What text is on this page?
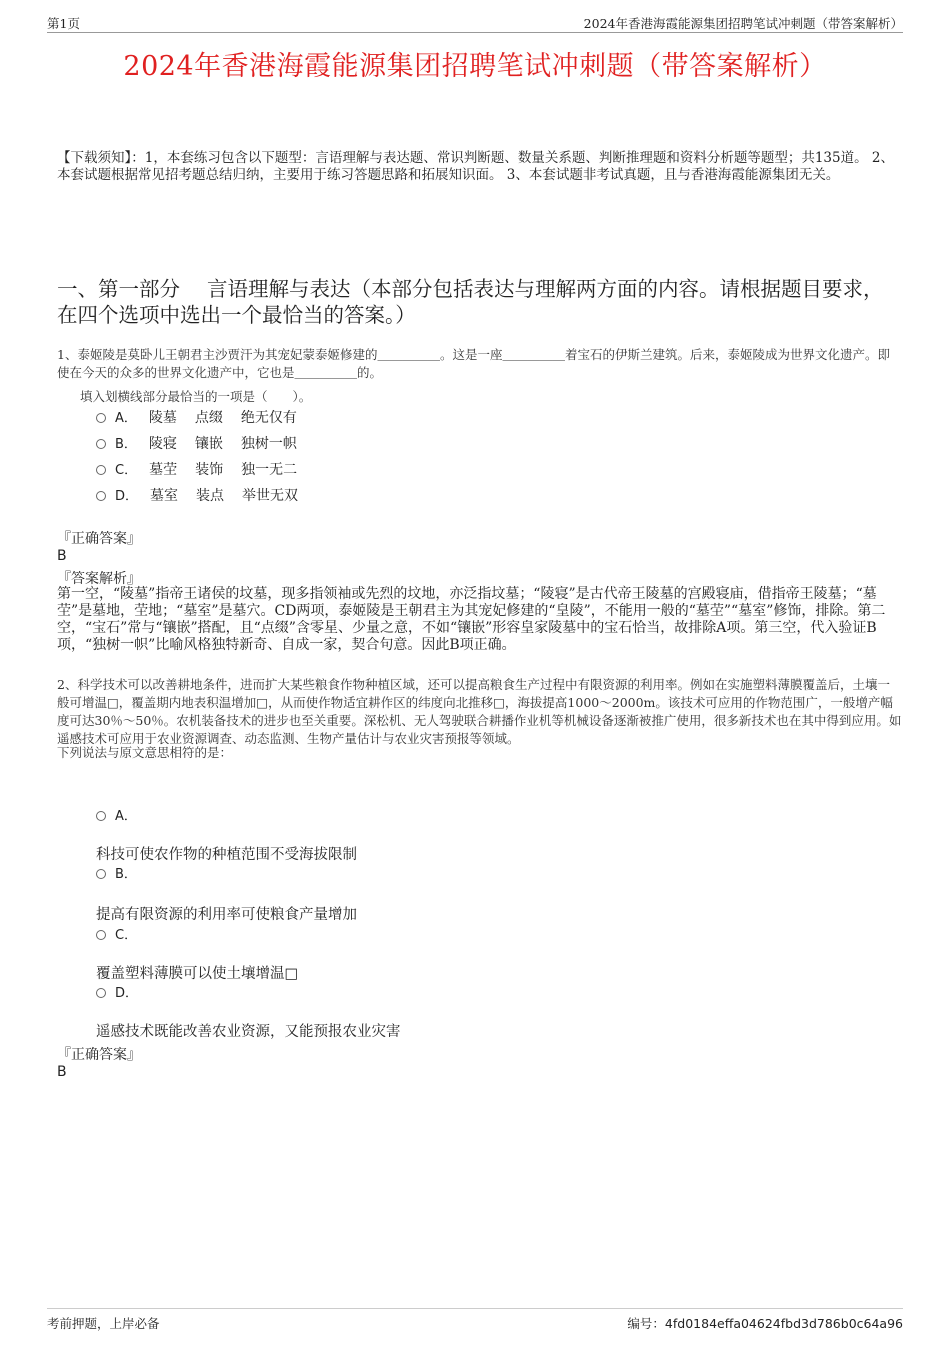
第1页	2024年香港海霞能源集团招聘笔试冲刺题（带答案解析）
2024年香港海霞能源集团招聘笔试冲刺题（带答案解析）
【下载须知】：1，本套练习包含以下题型：言语理解与表达题、常识判断题、数量关系题、判断推理题和资料分析题等题型；共135道。 2、本套试题根据常见招考题总结归纳，主要用于练习答题思路和拓展知识面。 3、本套试题非考试真题，且与香港海霞能源集团无关。
一、第一部分　 言语理解与表达（本部分包括表达与理解两方面的内容。请根据题目要求，在四个选项中选出一个最恰当的答案。）
1、泰姬陵是莫卧儿王朝君主沙贾汗为其宠妃蒙泰姬修建的＿＿＿＿＿。这是一座＿＿＿＿＿着宝石的伊斯兰建筑。后来，泰姬陵成为世界文化遗产。即使在今天的众多的世界文化遗产中，它也是＿＿＿＿＿的。
填入划横线部分最恰当的一项是（　　）。
A． 陵墓 点缀 绝无仅有
B． 陵寝 镶嵌 独树一帜
C． 墓茔 装饰 独一无二
D． 墓室 装点 举世无双
『正确答案』
B
『答案解析』
第一空，“陵墓”指帝王诸侯的坟墓，现多指领袖或先烈的坟地，亦泛指坟墓；“陵寝”是古代帝王陵墓的宫殿寝庙，借指帝王陵墓；“墓茔”是墓地，茔地；“墓室”是墓穴。CD两项，泰姬陵是王朝君主为其宠妃修建的“皇陵”，不能用一般的“墓茔”“墓室”修饰，排除。第二空，“宝石”常与“镶嵌”搭配，且“点缀”含零星、少量之意，不如“镶嵌”形容皇家陵墓中的宝石恰当，故排除A项。第三空，代入验证B项，“独树一帜”比喻风格独特新奇、自成一家，契合句意。因此B项正确。
2、科学技术可以改善耕地条件，进而扩大某些粮食作物种植区域，还可以提高粮食生产过程中有限资源的利用率。例如在实施塑料薄膜覆盖后，土壤一般可增温□，覆盖期内地表积温增加□，从而使作物适宜耕作区的纬度向北推移□，海拔提高1000～2000m。该技术可应用的作物范围广，一般增产幅度可达30％～50％。农机装备技术的进步也至关重要。深松机、无人驾驶联合耕播作业机等机械设备逐渐被推广使用，很多新技术也在其中得到应用。如遥感技术可应用于农业资源调查、动态监测、生物产量估计与农业灾害预报等领域。
下列说法与原文意思相符的是：
A．
科技可使农作物的种植范围不受海拔限制
B．
提高有限资源的利用率可使粮食产量增加
C．
覆盖塑料薄膜可以使土壤增温□
D．
遥感技术既能改善农业资源，又能预报农业灾害
『正确答案』
B
考前押题，上岸必备	编号：4fd0184effa04624fbd3d786b0c64a96
